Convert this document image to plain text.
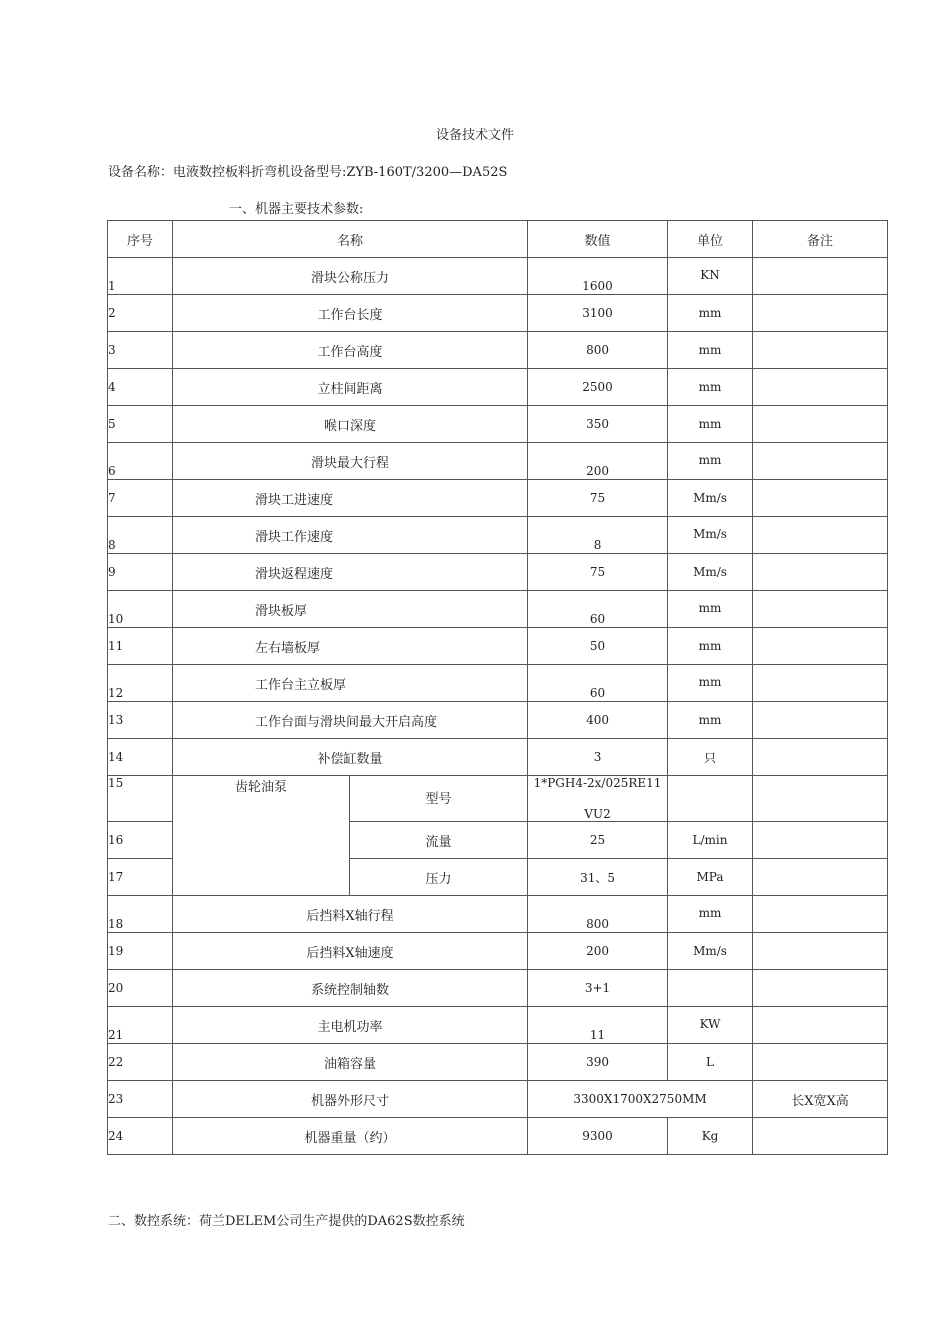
设备技术文件
设备名称：电液数控板料折弯机设备型号:ZYB-160T/3200—DA52S
一、机器主要技术参数:
序号	名称		数值	单位	备注
1	滑块公称压力		1600	KN	
2	工作台长度		3100	mm	
3	工作台高度		800	mm	
4	立柱间距离		2500	mm	
5	喉口深度		350	mm	
6	滑块最大行程		200	mm	
7	滑块工进速度		75	Mm/s	
8	滑块工作速度		8	Mm/s	
9	滑块返程速度		75	Mm/s	
10	滑块板厚		60	mm	
11	左右墙板厚		50	mm	
12	工作台主立板厚		60	mm	
13	工作台面与滑块间最大开启高度		400	mm	
14	补偿缸数量		3	只	
15	齿轮油泵	型号	1*PGH4-2x/025RE11
VU2		

16		流量	25	L/min	
17		压力	31、5	MPa	
18	后挡料X轴行程		800	mm	
19	后挡料X轴速度		200	Mm/s	
20	系统控制轴数		3+1		
21	主电机功率		11	KW	
22	油箱容量		390	L	
23	机器外形尺寸		3300X1700X2750MM		长X宽X高
24	机器重量（约）		9300	Kg	
二、数控系统：荷兰DELEM公司生产提供的DA62S数控系统
